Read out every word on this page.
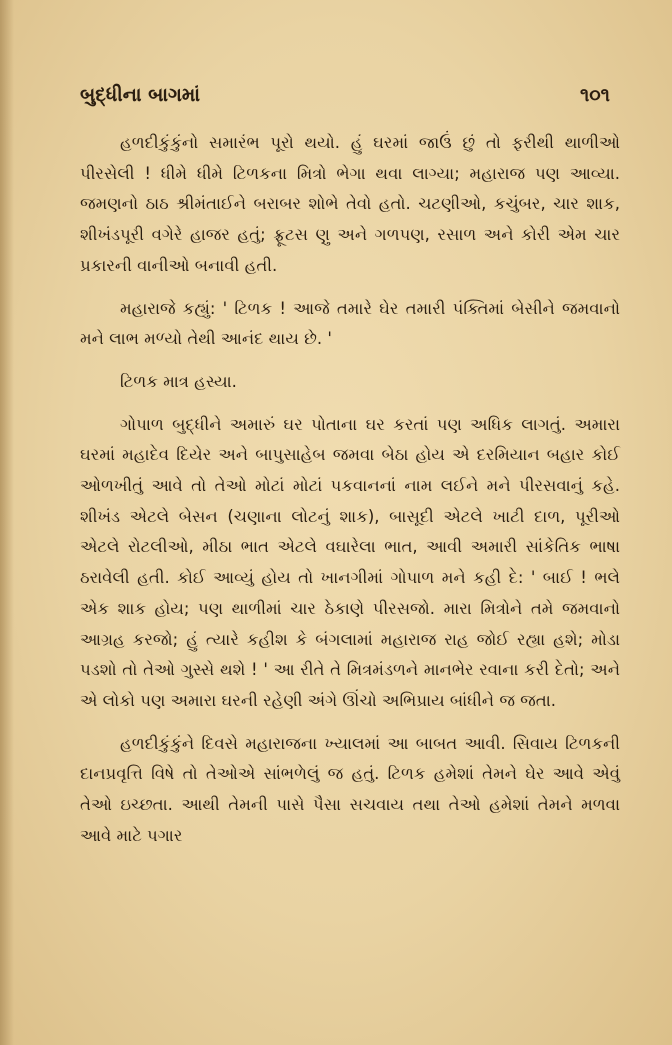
બુદ્ધીના બાગમાં	૧૦૧

હળદીકુંકુંનો સમારંભ પૂરો થયો. હું ઘરમાં જાઉં છું તો ફરીથી થાળીઓ પીરસેલી ! ધીમે ધીમે ટિળકના મિત્રો ભેગા થવા લાગ્યા; મહારાજ પણ આવ્યા. જમણનો ઠાઠ શ્રીમંતાઈને બરાબર શોભે તેવો હતો. ચટણીઓ, કચુંબર, ચાર શાક, શીખંડપૂરી વગેરે હાજર હતું; ફ્રૂટસ ણુ અને ગળપણ, રસાળ અને કોરી એમ ચાર પ્રકારની વાનીઓ બનાવી હતી.

મહારાજે કહ્યું: ' ટિળક ! આજે તમારે ઘેર તમારી પંક્તિમાં બેસીને જમવાનો મને લાભ મળ્યો તેથી આનંદ થાય છે. '

ટિળક માત્ર હસ્યા.

ગોપાળ બુદ્ધીને અમારું ઘર પોતાના ઘર કરતાં પણ અધિક લાગતું. અમારા ઘરમાં મહાદેવ દિયેર અને બાપુસાહેબ જમવા બેઠા હોય એ દરમિયાન બહાર કોઈ ઓળખીતું આવે તો તેઓ મોટાં મોટાં પકવાનનાં નામ લઈને મને પીરસવાનું કહે. શીખંડ એટલે બેસન (ચણાના લોટનું શાક), બાસૂદી એટલે ખાટી દાળ, પૂરીઓ એટલે રોટલીઓ, મીઠા ભાત એટલે વઘારેલા ભાત, આવી અમારી સાંકેતિક ભાષા ઠરાવેલી હતી. કોઈ આવ્યું હોય તો ખાનગીમાં ગોપાળ મને કહી દે: ' બાઈ ! ભલે એક શાક હોય; પણ થાળીમાં ચાર ઠેકાણે પીરસજો. મારા મિત્રોને તમે જમવાનો આગ્રહ કરજો; હું ત્યારે કહીશ કે બંગલામાં મહારાજ રાહ જોઈ રહ્યા હશે; મોડા પડશો તો તેઓ ગુસ્સે થશે ! ' આ રીતે તે મિત્રમંડળને માનભેર રવાના કરી દેતો; અને એ લોકો પણ અમારા ઘરની રહેણી અંગે ઊંચો અભિપ્રાય બાંધીને જ જતા.

હળદીકુંકુંને દિવસે મહારાજના ખ્યાલમાં આ બાબત આવી. સિવાય ટિળકની દાનપ્રવૃત્તિ વિષે તો તેઓએ સાંભળેલું જ હતું. ટિળક હમેશાં તેમને ઘેર આવે એવું તેઓ ઇચ્છતા. આથી તેમની પાસે પૈસા સચવાય તથા તેઓ હમેશાં તેમને મળવા આવે માટે પગાર
